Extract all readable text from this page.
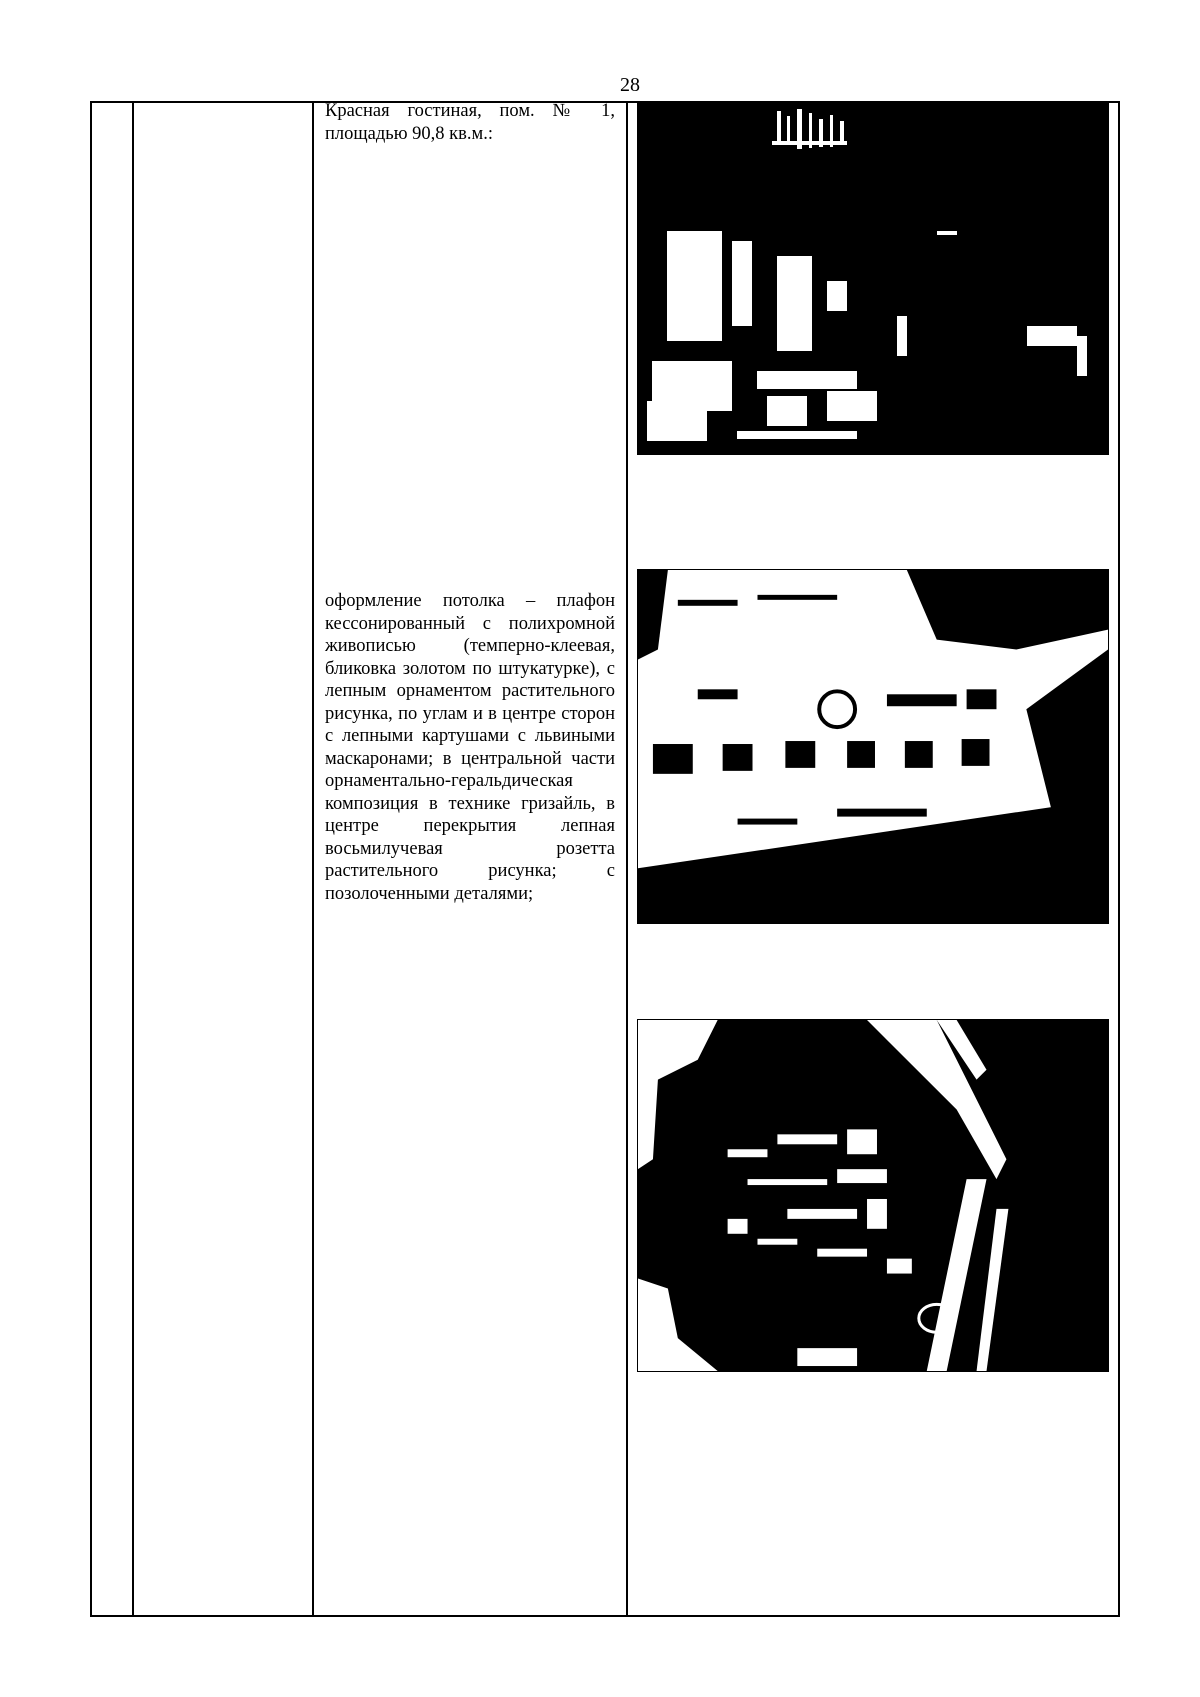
28
Красная гостиная, пом. № 1, площадью 90,8 кв.м.:
оформление потолка – плафон кессонированный с полихромной живописью (темперно-клеевая, бликовка золотом по штукатурке), с лепным орнаментом растительного рисунка, по углам и в центре сторон с лепными картушами с львиными маскаронами; в центральной части орнаментально-геральдическая композиция в технике гризайль, в центре перекрытия лепная восьмилучевая розетта растительного рисунка; с позолоченными деталями;
